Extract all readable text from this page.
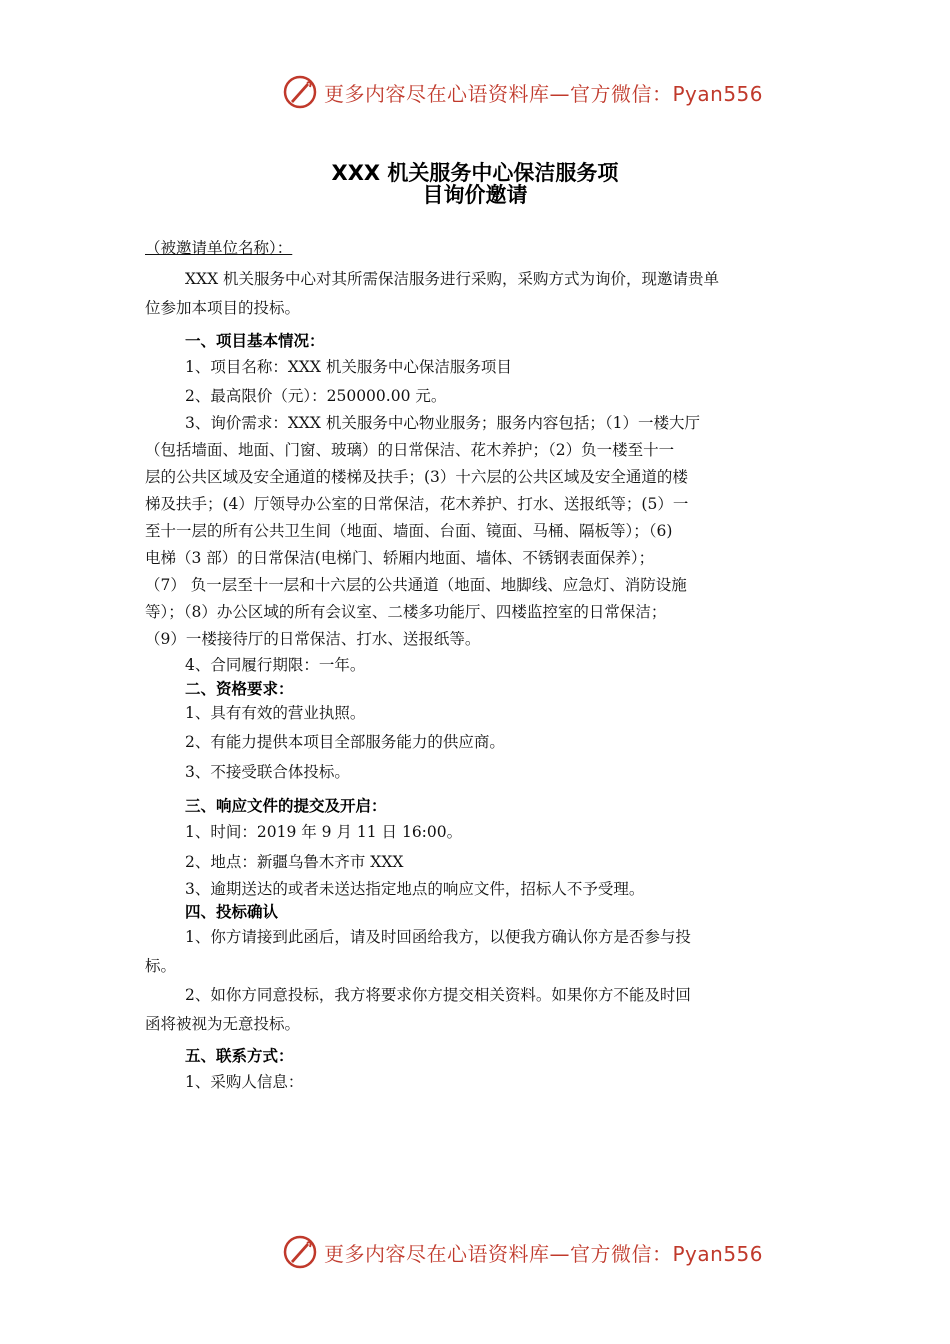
更多内容尽在心语资料库—官方微信：Pyan556
XXX 机关服务中心保洁服务项
目询价邀请
（被邀请单位名称）：
XXX 机关服务中心对其所需保洁服务进行采购，采购方式为询价，现邀请贵单
位参加本项目的投标。
一、项目基本情况：
1、项目名称：XXX 机关服务中心保洁服务项目
2、最高限价（元）：250000.00 元。
3、询价需求：XXX 机关服务中心物业服务；服务内容包括；（1）一楼大厅
（包括墙面、地面、门窗、玻璃）的日常保洁、花木养护；（2）负一楼至十一
层的公共区域及安全通道的楼梯及扶手；(3）十六层的公共区域及安全通道的楼
梯及扶手；(4）厅领导办公室的日常保洁，花木养护、打水、送报纸等；(5）一
至十一层的所有公共卫生间（地面、墙面、台面、镜面、马桶、隔板等）；（6)
电梯（3 部）的日常保洁(电梯门、轿厢内地面、墙体、不锈钢表面保养）；
（7） 负一层至十一层和十六层的公共通道（地面、地脚线、应急灯、消防设施
等）；（8）办公区域的所有会议室、二楼多功能厅、四楼监控室的日常保洁；
（9）一楼接待厅的日常保洁、打水、送报纸等。
4、合同履行期限：一年。
二、资格要求：
1、具有有效的营业执照。
2、有能力提供本项目全部服务能力的供应商。
3、不接受联合体投标。
三、响应文件的提交及开启：
1、时间：2019 年 9 月 11 日 16:00。
2、地点：新疆乌鲁木齐市 XXX
3、逾期送达的或者未送达指定地点的响应文件，招标人不予受理。
四、投标确认
1、你方请接到此函后，请及时回函给我方，以便我方确认你方是否参与投
标。
2、如你方同意投标，我方将要求你方提交相关资料。如果你方不能及时回
函将被视为无意投标。
五、联系方式：
1、采购人信息：
更多内容尽在心语资料库—官方微信：Pyan556
